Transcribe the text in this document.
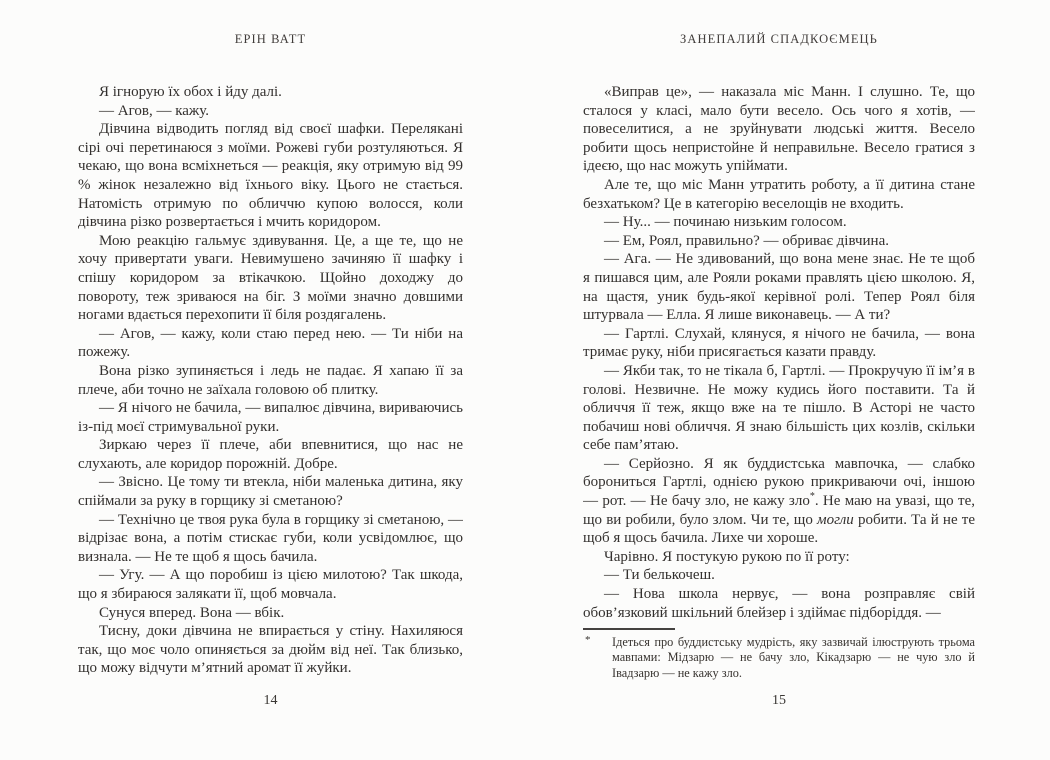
ЕРІН ВАТТ

Я ігнорую їх обох і йду далі.

— Агов, — кажу.

Дівчина відводить погляд від своєї шафки. Перелякані сірі очі перетинаюся з моїми. Рожеві губи розтуляються. Я чекаю, що вона всміхнеться — реакція, яку отримую від 99 % жінок незалежно від їхнього віку. Цього не стається. Натомість отримую по обличчю купою волосся, коли дівчина різко розвертається і мчить коридором.

Мою реакцію гальмує здивування. Це, а ще те, що не хочу привертати уваги. Невимушено зачиняю її шафку і спішу коридором за втікачкою. Щойно доходжу до повороту, теж зриваюся на біг. З моїми значно довшими ногами вдається перехопити її біля роздягалень.

— Агов, — кажу, коли стаю перед нею. — Ти ніби на пожежу.

Вона різко зупиняється і ледь не падає. Я хапаю її за плече, аби точно не заїхала головою об плитку.

— Я нічого не бачила, — випалює дівчина, вириваючись із-під моєї стримувальної руки.

Зиркаю через її плече, аби впевнитися, що нас не слухають, але коридор порожній. Добре.

— Звісно. Це тому ти втекла, ніби маленька дитина, яку спіймали за руку в горщику зі сметаною?

— Технічно це твоя рука була в горщику зі сметаною, — відрізає вона, а потім стискає губи, коли усвідомлює, що визнала. — Не те щоб я щось бачила.

— Угу. — А що поробиш із цією милотою? Так шкода, що я збираюся залякати її, щоб мовчала.

Сунуся вперед. Вона — вбік.

Тисну, доки дівчина не впирається у стіну. Нахиляюся так, що моє чоло опиняється за дюйм від неї. Так близько, що можу відчути м’ятний аромат її жуйки.

14
ЗАНЕПАЛИЙ СПАДКОЄМЕЦЬ

«Виправ це», — наказала міс Манн. І слушно. Те, що сталося у класі, мало бути весело. Ось чого я хотів, — повеселитися, а не зруйнувати людські життя. Весело робити щось непристойне й неправильне. Весело гратися з ідеєю, що нас можуть упіймати.

Але те, що міс Манн утратить роботу, а її дитина стане безхатьком? Це в категорію веселощів не входить.

— Ну... — починаю низьким голосом.

— Ем, Роял, правильно? — обриває дівчина.

— Ага. — Не здивований, що вона мене знає. Не те щоб я пишався цим, але Рояли роками правлять цією школою. Я, на щастя, уник будь-якої керівної ролі. Тепер Роял біля штурвала — Елла. Я лише виконавець. — А ти?

— Гартлі. Слухай, клянуся, я нічого не бачила, — вона тримає руку, ніби присягається казати правду.

— Якби так, то не тікала б, Гартлі. — Прокручую її ім’я в голові. Незвичне. Не можу кудись його поставити. Та й обличчя її теж, якщо вже на те пішло. В Асторі не часто побачиш нові обличчя. Я знаю більшість цих козлів, скільки себе пам’ятаю.

— Серйозно. Я як буддистська мавпочка, — слабко борониться Гартлі, однією рукою прикриваючи очі, іншою — рот. — Не бачу зло, не кажу зло*. Не маю на увазі, що те, що ви робили, було злом. Чи те, що могли робити. Та й не те щоб я щось бачила. Лихе чи хороше.

Чарівно. Я постукую рукою по її роту:

— Ти белькочеш.

— Нова школа нервує, — вона розправляє свій обов’язковий шкільний блейзер і здіймає підборіддя. —

* Ідеться про буддистську мудрість, яку зазвичай ілюструють трьома мавпами: Мідзарю — не бачу зло, Кікадзарю — не чую зло й Івадзарю — не кажу зло.
15
